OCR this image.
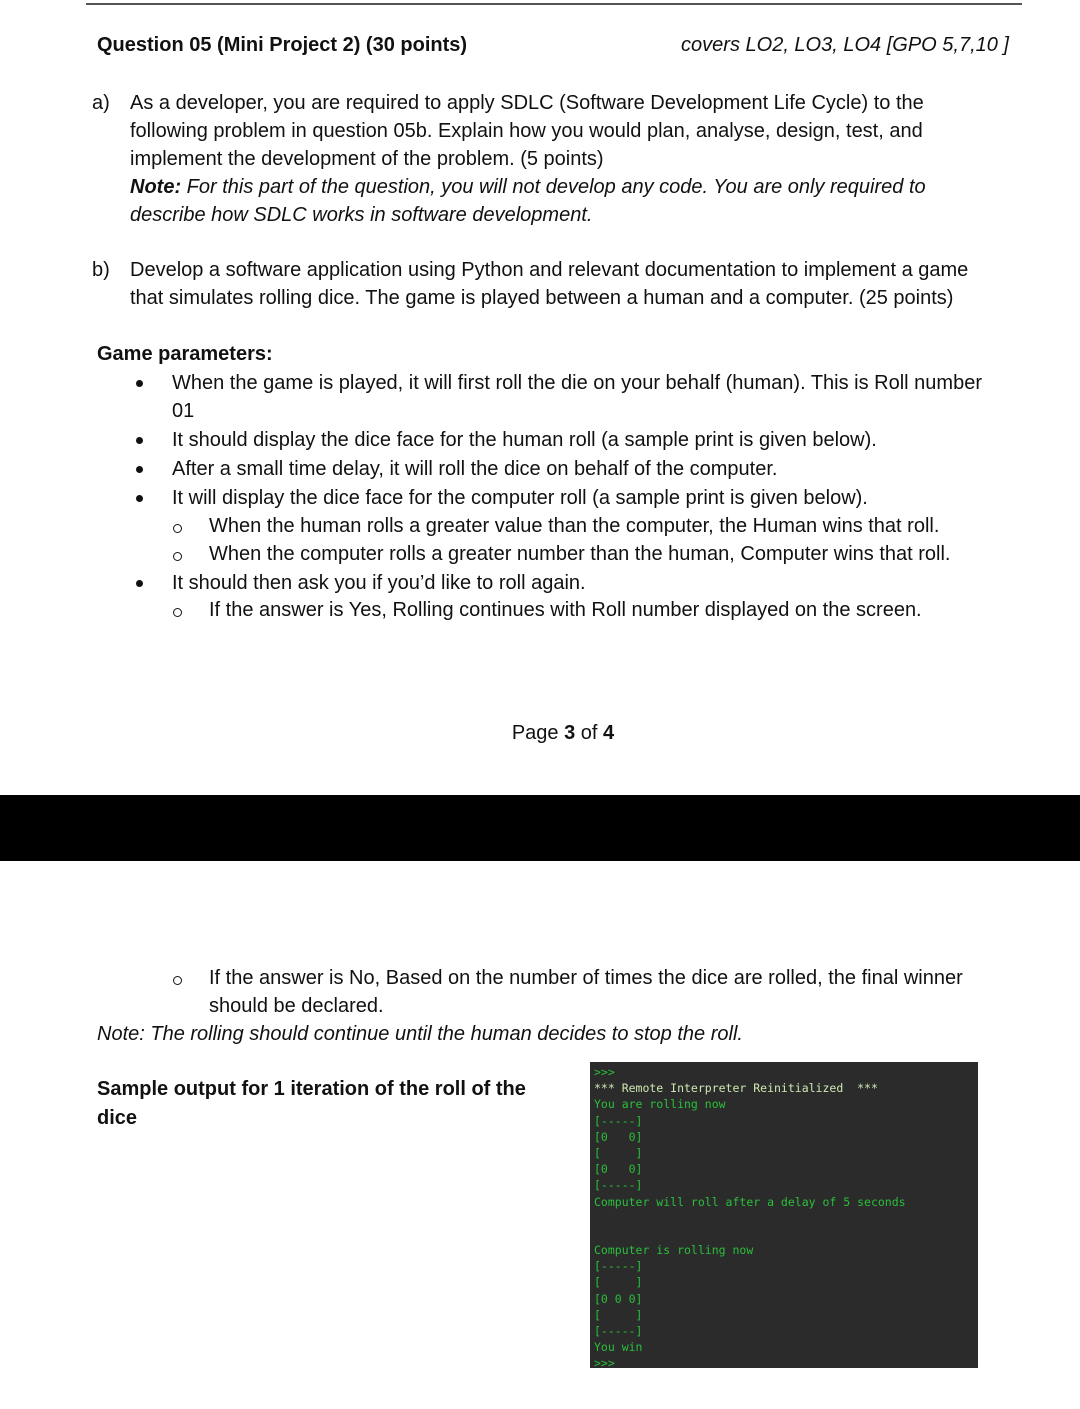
Question 05 (Mini Project 2) (30 points)	covers LO2, LO3, LO4 [GPO 5,7,10 ]
a) As a developer, you are required to apply SDLC (Software Development Life Cycle) to the following problem in question 05b. Explain how you would plan, analyse, design, test, and implement the development of the problem. (5 points)
Note: For this part of the question, you will not develop any code. You are only required to describe how SDLC works in software development.
b) Develop a software application using Python and relevant documentation to implement a game that simulates rolling dice. The game is played between a human and a computer. (25 points)
Game parameters:
When the game is played, it will first roll the die on your behalf (human). This is Roll number 01
It should display the dice face for the human roll (a sample print is given below).
After a small time delay, it will roll the dice on behalf of the computer.
It will display the dice face for the computer roll (a sample print is given below).
When the human rolls a greater value than the computer, the Human wins that roll.
When the computer rolls a greater number than the human, Computer wins that roll.
It should then ask you if you’d like to roll again.
If the answer is Yes, Rolling continues with Roll number displayed on the screen.
Page 3 of 4
If the answer is No, Based on the number of times the dice are rolled, the final winner should be declared.
Note: The rolling should continue until the human decides to stop the roll.
Sample output for 1 iteration of the roll of the dice
>>>
*** Remote Interpreter Reinitialized  ***
You are rolling now
[-----]
[0   0]
[     ]
[0   0]
[-----]
Computer will roll after a delay of 5 seconds
Computer is rolling now
[-----]
[     ]
[0 0 0]
[     ]
[-----]
You win
>>>
